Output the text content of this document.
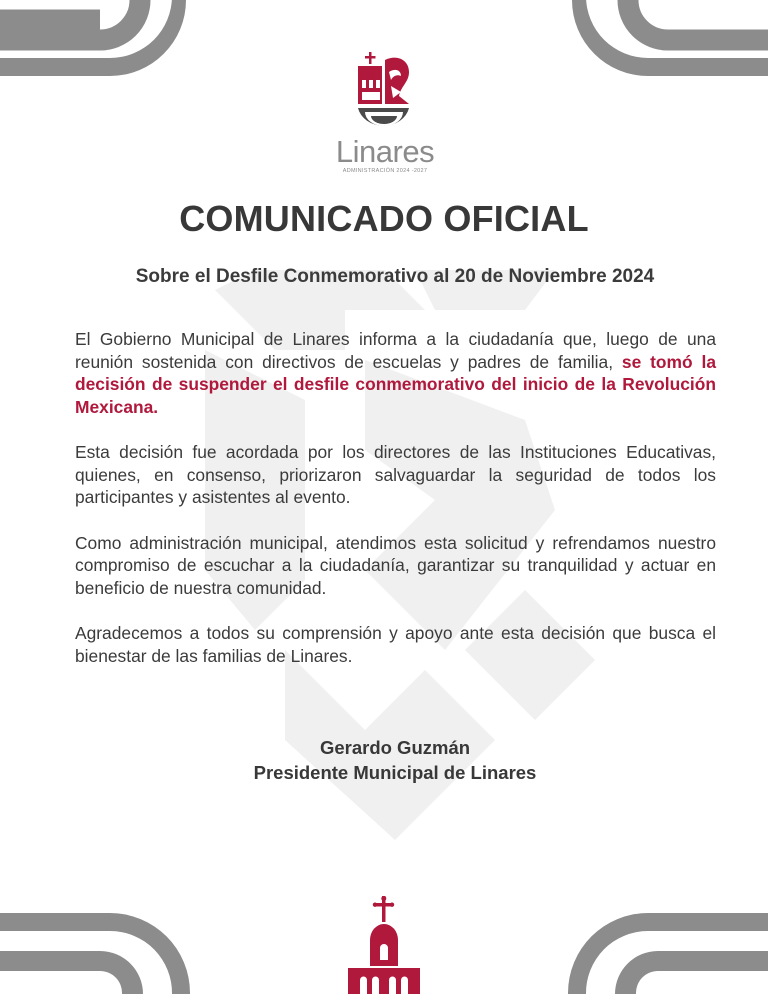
Linares
ADMINISTRACIÓN 2024 -2027
COMUNICADO OFICIAL
Sobre el Desfile Conmemorativo al 20 de Noviembre 2024

El Gobierno Municipal de Linares informa a la ciudadanía que, luego de una reunión sostenida con directivos de escuelas y padres de familia, se tomó la decisión de suspender el desfile conmemorativo del inicio de la Revolución Mexicana.

Esta decisión fue acordada por los directores de las Instituciones Educativas, quienes, en consenso, priorizaron salvaguardar la seguridad de todos los participantes y asistentes al evento.

Como administración municipal, atendimos esta solicitud y refrendamos nuestro compromiso de escuchar a la ciudadanía, garantizar su tranquilidad y actuar en beneficio de nuestra comunidad.

Agradecemos a todos su comprensión y apoyo ante esta decisión que busca el bienestar de las familias de Linares.

Gerardo Guzmán
Presidente Municipal de Linares
